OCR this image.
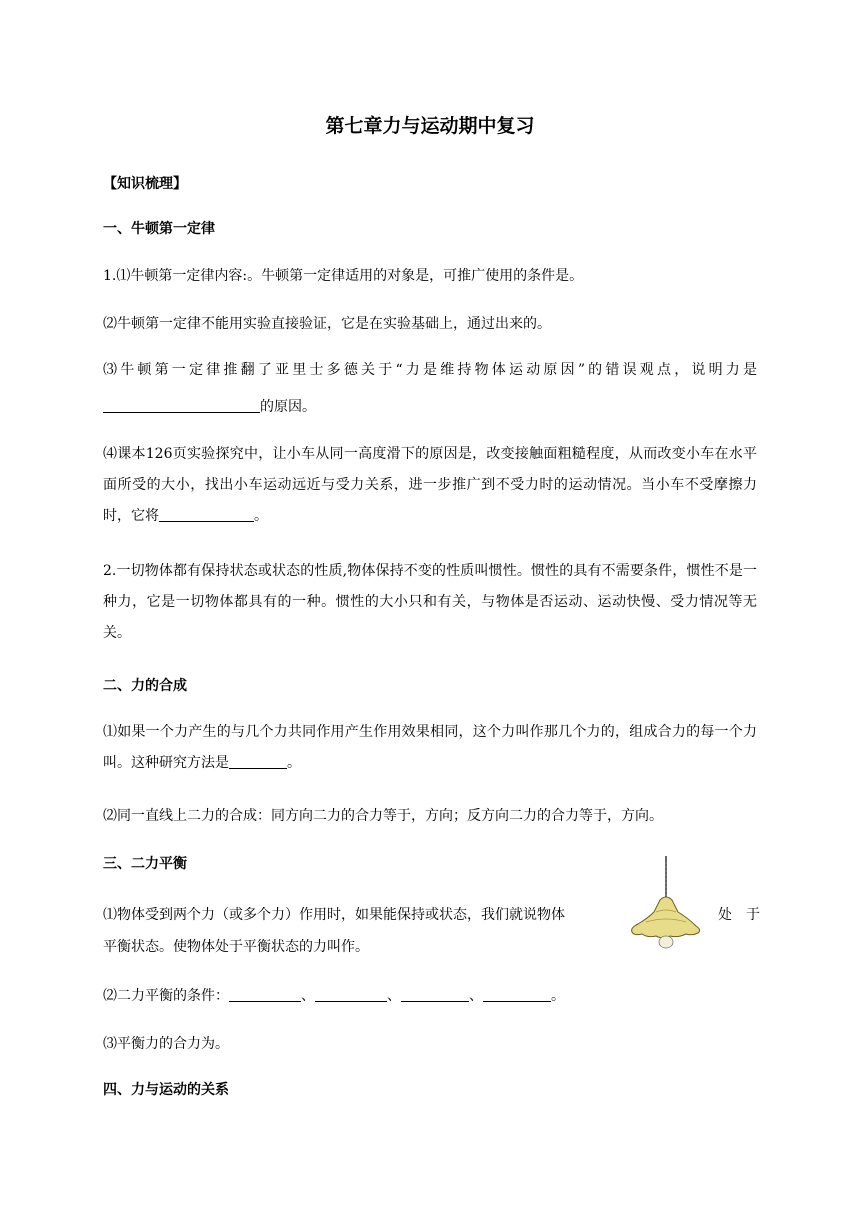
第七章力与运动期中复习
【知识梳理】
一、牛顿第一定律

1.⑴牛顿第一定律内容:。牛顿第一定律适用的对象是，可推广使用的条件是。

⑵牛顿第一定律不能用实验直接验证，它是在实验基础上，通过出来的。

⑶牛顿第一定律推翻了亚里士多德关于“力是维持物体运动原因”的错误观点，说明力是

的原因。

⑷课本126页实验探究中，让小车从同一高度滑下的原因是，改变接触面粗糙程度，从而改变小车在水平面所受的大小，找出小车运动远近与受力关系，进一步推广到不受力时的运动情况。当小车不受摩擦力时，它将	。

2.一切物体都有保持状态或状态的性质,物体保持不变的性质叫惯性。惯性的具有不需要条件，惯性不是一种力，它是一切物体都具有的一种。惯性的大小只和有关，与物体是否运动、运动快慢、受力情况等无关。

二、力的合成

⑴如果一个力产生的与几个力共同作用产生作用效果相同，这个力叫作那几个力的，组成合力的每一个力叫。这种研究方法是	。

⑵同一直线上二力的合成：同方向二力的合力等于，方向；反方向二力的合力等于，方向。

三、二力平衡

⑴物体受到两个力（或多个力）作用时，如果能保持或状态，我们就说物体	处　于

平衡状态。使物体处于平衡状态的力叫作。

⑵二力平衡的条件：	、	、	、	。

⑶平衡力的合力为。

四、力与运动的关系
